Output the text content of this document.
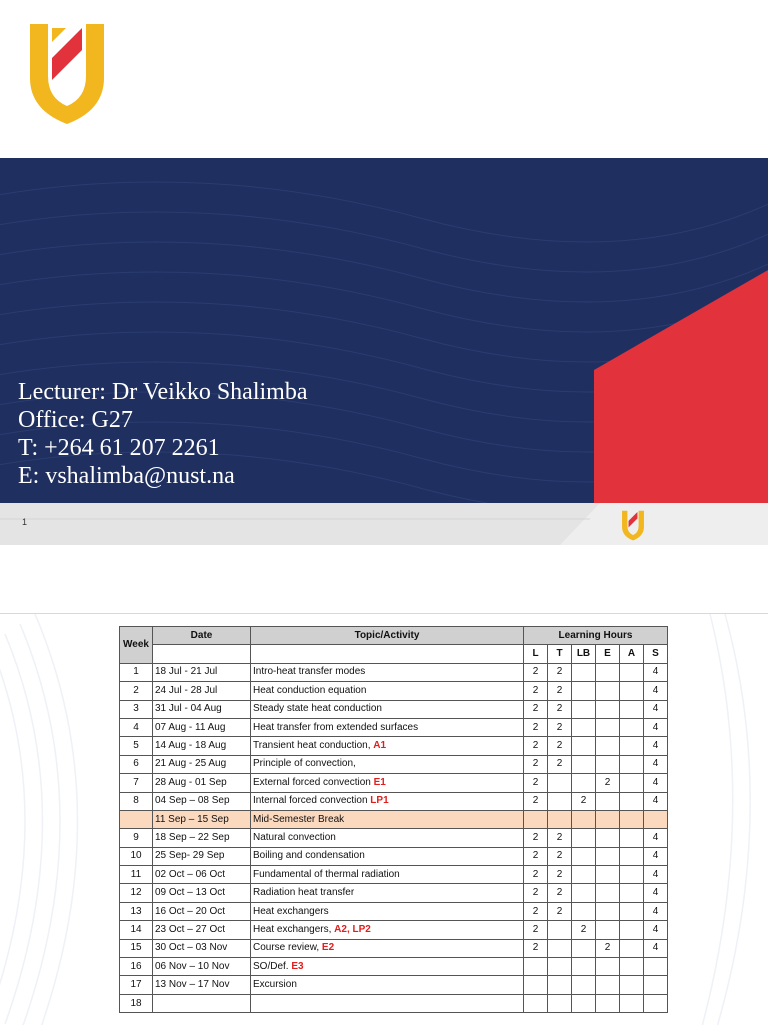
Lecturer: Dr Veikko Shalimba
Office: G27
T: +264 61 207 2261
E: vshalimba@nust.na
1
Week	Date	Topic/Activity	Learning Hours					
			L	T	LB	E	A	S
1	18 Jul - 21 Jul	Intro-heat transfer modes	2	2				4
2	24 Jul - 28 Jul	Heat conduction equation	2	2				4
3	31 Jul - 04 Aug	Steady state heat conduction	2	2				4
4	07 Aug - 11 Aug	Heat transfer from extended surfaces	2	2				4
5	14 Aug - 18 Aug	Transient heat conduction, A1	2	2				4
6	21 Aug - 25 Aug	Principle of convection,	2	2				4
7	28 Aug - 01 Sep	External forced convection E1	2			2		4
8	04 Sep – 08 Sep	Internal forced convection LP1	2		2			4
	11 Sep – 15 Sep	Mid-Semester Break						
9	18 Sep – 22 Sep	Natural convection	2	2				4
10	25 Sep- 29 Sep	Boiling and condensation	2	2				4
11	02 Oct – 06 Oct	Fundamental of thermal radiation	2	2				4
12	09 Oct – 13 Oct	Radiation heat transfer	2	2				4
13	16 Oct – 20 Oct	Heat exchangers	2	2				4
14	23 Oct – 27 Oct	Heat exchangers, A2, LP2	2		2			4
15	30 Oct – 03 Nov	Course review, E2	2			2		4
16	06 Nov – 10 Nov	SO/Def. E3						
17	13 Nov – 17 Nov	Excursion						
18								
